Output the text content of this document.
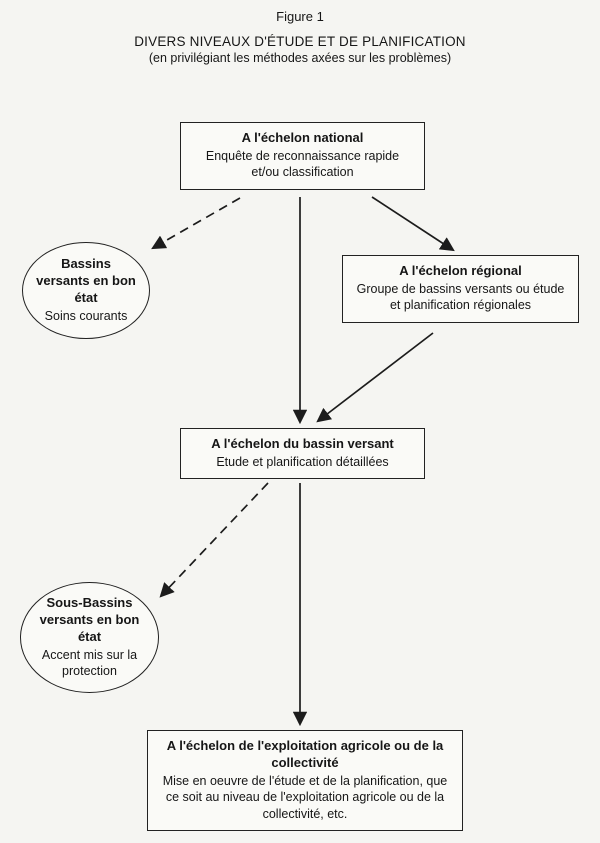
Figure 1
DIVERS NIVEAUX D'ÉTUDE ET DE PLANIFICATION
(en privilégiant les méthodes axées sur les problèmes)
A l'échelon national
Enquête de reconnaissance rapide et/ou classification
Bassins versants en bon état
Soins courants
A l'échelon régional
Groupe de bassins versants ou étude et planification régionales
A l'échelon du bassin versant
Etude et planification détaillées
Sous-Bassins versants en bon état
Accent mis sur la protection
A l'échelon de l'exploitation agricole ou de la collectivité
Mise en oeuvre de l'étude et de la planification, que ce soit au niveau de l'exploitation agricole ou de la collectivité, etc.
